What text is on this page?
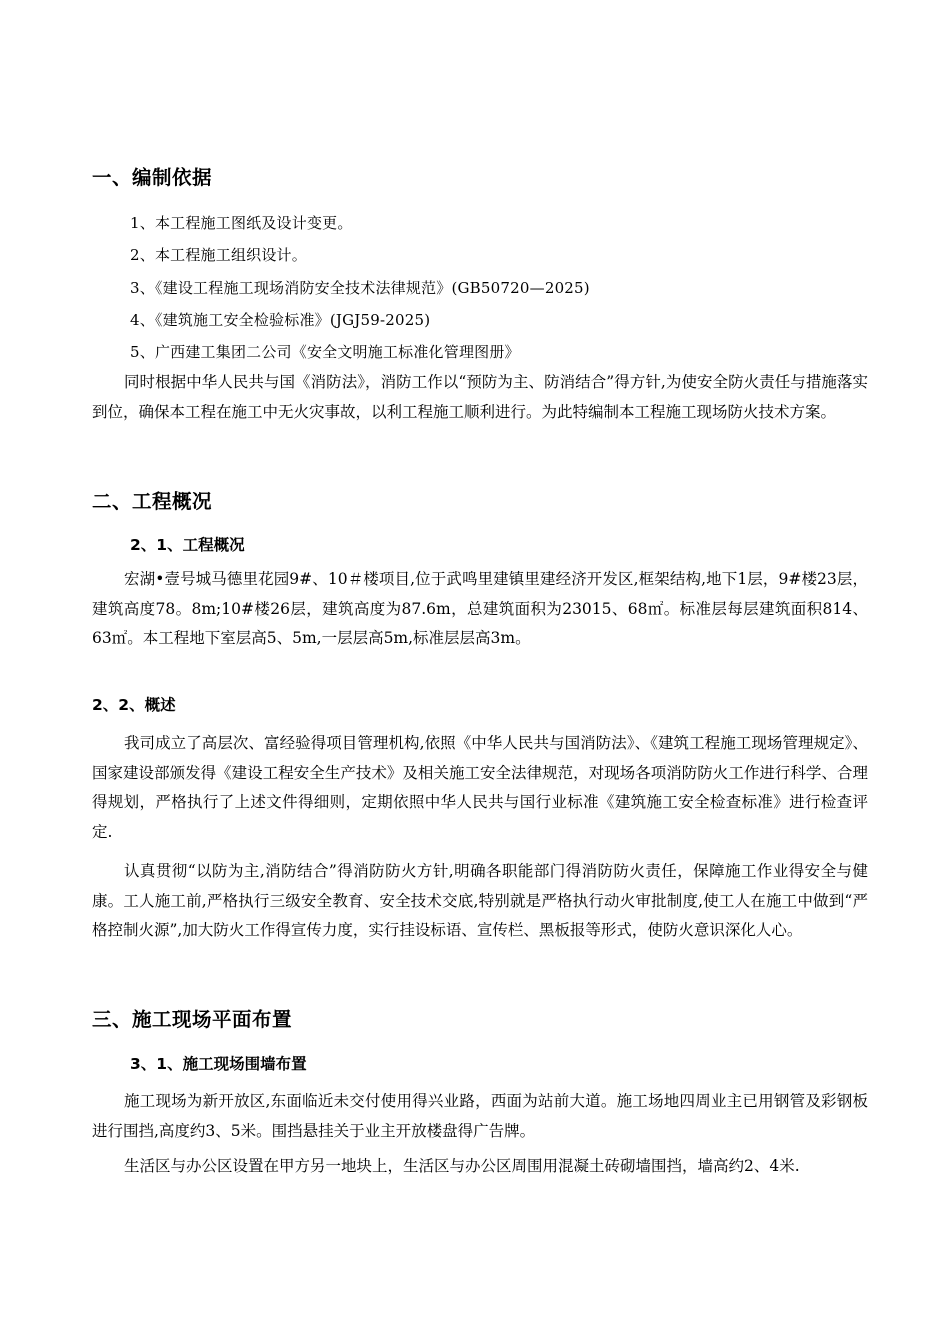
一、编制依据
1、本工程施工图纸及设计变更。
2、本工程施工组织设计。
3、《建设工程施工现场消防安全技术法律规范》(GB50720—2025)
4、《建筑施工安全检验标准》(JGJ59-2025)
5、广西建工集团二公司《安全文明施工标准化管理图册》

同时根据中华人民共与国《消防法》，消防工作以“预防为主、防消结合”得方针,为使安全防火责任与措施落实到位，确保本工程在施工中无火灾事故，以利工程施工顺利进行。为此特编制本工程施工现场防火技术方案。

二、工程概况
2、1、工程概况

宏湖•壹号城马德里花园9#、10＃楼项目,位于武鸣里建镇里建经济开发区,框架结构,地下1层，9#楼23层，建筑高度78。8m;10#楼26层，建筑高度为87.6m，总建筑面积为23015、68㎡。标准层每层建筑面积814、63㎡。本工程地下室层高5、5m,一层层高5m,标准层层高3m。

2、2、概述

我司成立了高层次、富经验得项目管理机构,依照《中华人民共与国消防法》、《建筑工程施工现场管理规定》、国家建设部颁发得《建设工程安全生产技术》及相关施工安全法律规范，对现场各项消防防火工作进行科学、合理得规划，严格执行了上述文件得细则，定期依照中华人民共与国行业标准《建筑施工安全检查标准》进行检查评定.

认真贯彻“以防为主,消防结合”得消防防火方针,明确各职能部门得消防防火责任，保障施工作业得安全与健康。工人施工前,严格执行三级安全教育、安全技术交底,特别就是严格执行动火审批制度,使工人在施工中做到“严格控制火源”,加大防火工作得宣传力度，实行挂设标语、宣传栏、黑板报等形式，使防火意识深化人心。

三、施工现场平面布置
3、1、施工现场围墙布置

施工现场为新开放区,东面临近未交付使用得兴业路，西面为站前大道。施工场地四周业主已用钢管及彩钢板进行围挡,高度约3、5米。围挡悬挂关于业主开放楼盘得广告牌。

生活区与办公区设置在甲方另一地块上，生活区与办公区周围用混凝土砖砌墙围挡，墙高约2、4米.
